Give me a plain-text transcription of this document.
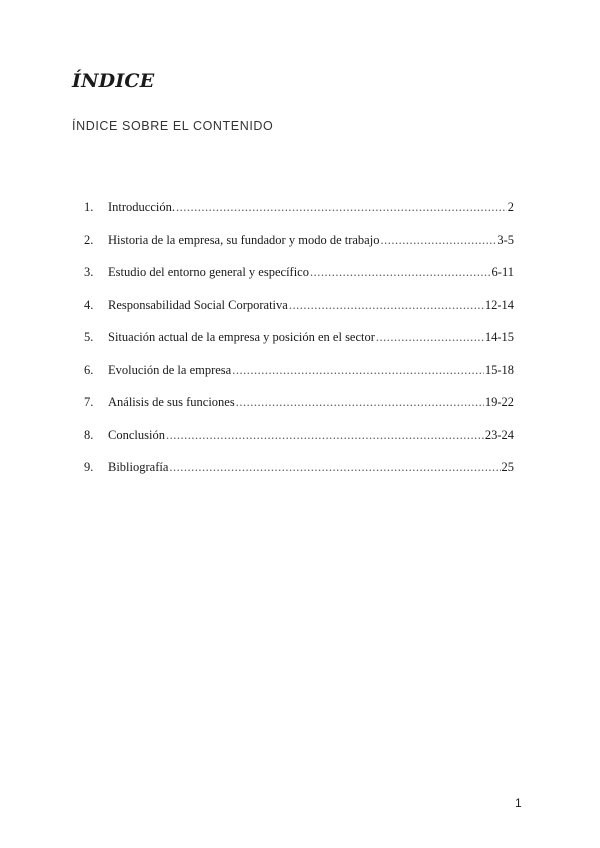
ÍNDICE
ÍNDICE SOBRE EL CONTENIDO
1.	Introducción. .....	2
2.	Historia de la empresa, su fundador y modo de trabajo .....	3-5
3.	Estudio del entorno general y específico .....	6-11
4.	Responsabilidad Social Corporativa .....	12-14
5.	Situación actual de la empresa y posición en el sector .....	14-15
6.	Evolución de la empresa .....	15-18
7.	Análisis de sus funciones .....	19-22
8.	Conclusión .....	23-24
9.	Bibliografía .....	25
1
